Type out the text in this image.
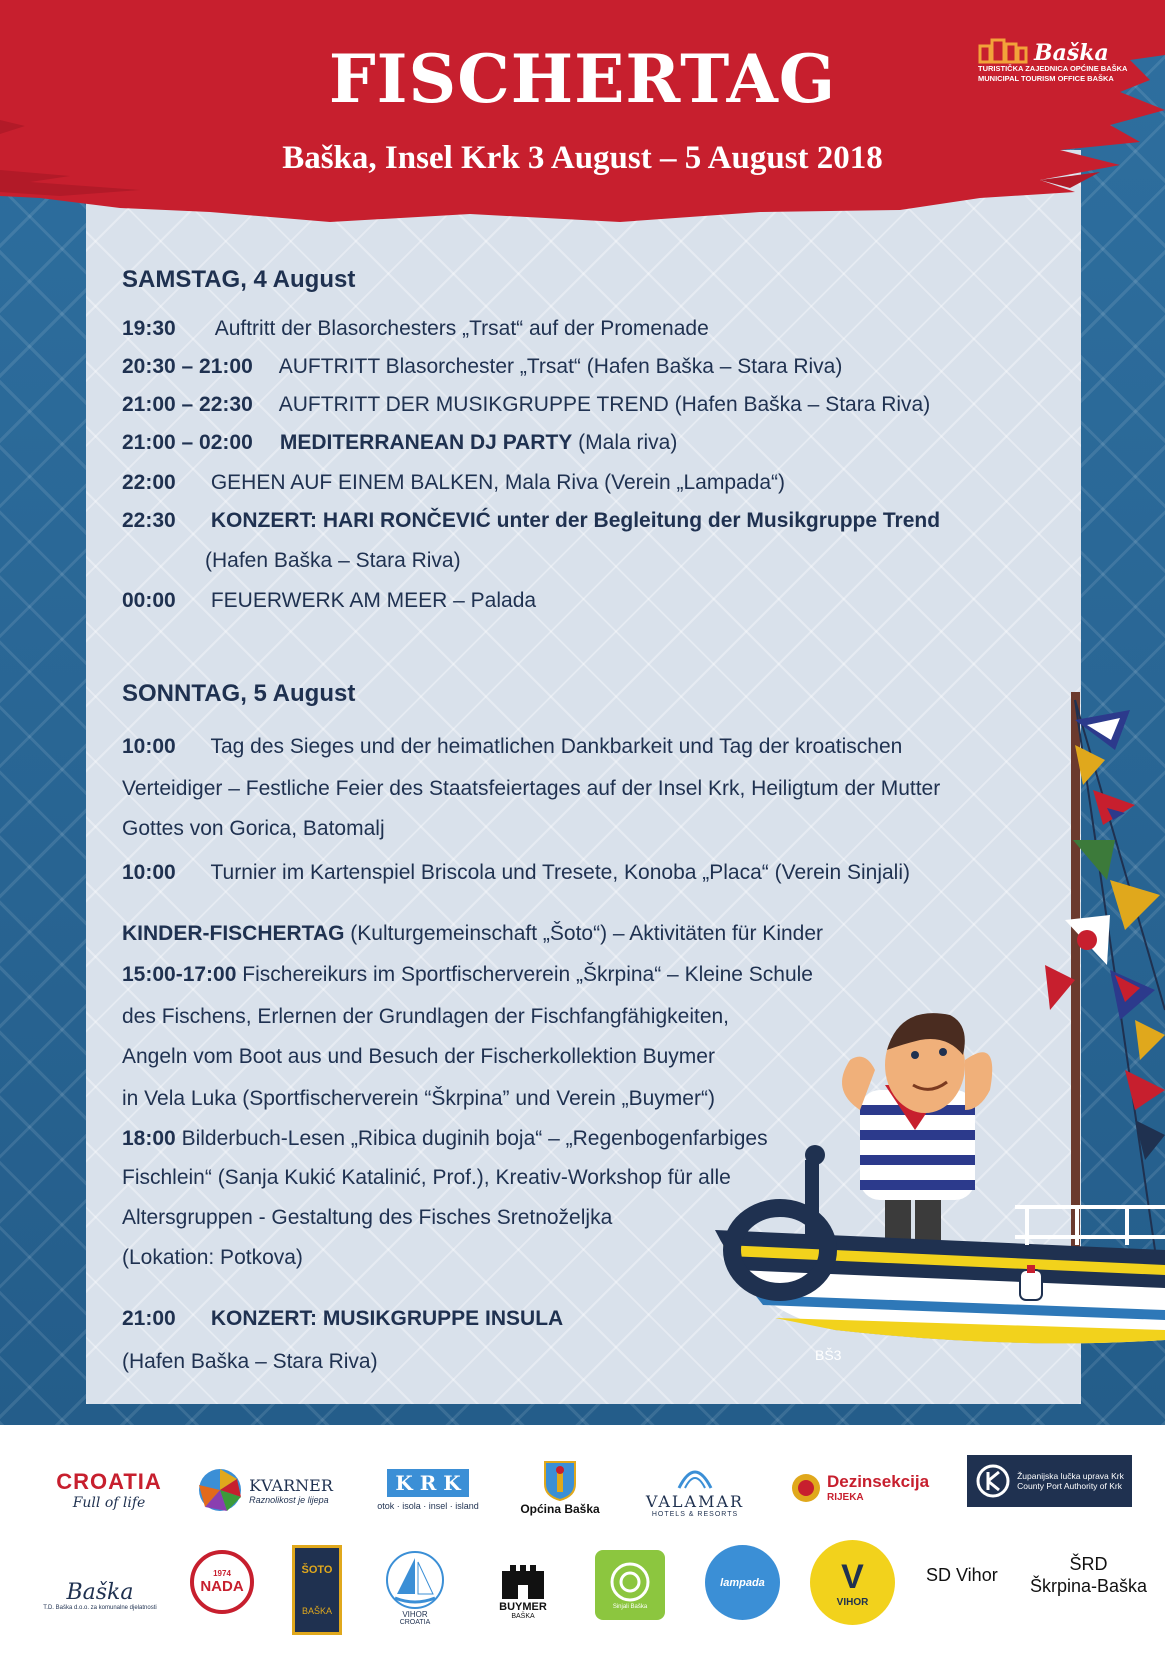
FISCHERTAG
Baška, Insel Krk 3 August – 5 August 2018
Baška
TURISTIČKA ZAJEDNICA OPĆINE BAŠKA
MUNICIPAL TOURISM OFFICE BAŠKA
SAMSTAG, 4 August
19:30 Auftritt der Blasorchesters „Trsat“ auf der Promenade
20:30 – 21:00 AUFTRITT Blasorchester „Trsat“ (Hafen Baška – Stara Riva)
21:00 – 22:30 AUFTRITT DER MUSIKGRUPPE TREND (Hafen Baška – Stara Riva)
21:00 – 02:00 MEDITERRANEAN DJ PARTY (Mala riva)
22:00 GEHEN AUF EINEM BALKEN, Mala Riva (Verein „Lampada“)
22:30 KONZERT: HARI RONČEVIĆ unter der Begleitung der Musikgruppe Trend
(Hafen Baška – Stara Riva)
00:00 FEUERWERK AM MEER – Palada
SONNTAG, 5 August
10:00 Tag des Sieges und der heimatlichen Dankbarkeit und Tag der kroatischen
Verteidiger – Festliche Feier des Staatsfeiertages auf der Insel Krk, Heiligtum der Mutter
Gottes von Gorica, Batomalj
10:00 Turnier im Kartenspiel Briscola und Tresete, Konoba „Placa“ (Verein Sinjali)
KINDER-FISCHERTAG (Kulturgemeinschaft „Šoto“) – Aktivitäten für Kinder
15:00-17:00 Fischereikurs im Sportfischerverein „Škrpina“ – Kleine Schule
des Fischens, Erlernen der Grundlagen der Fischfangfähigkeiten,
Angeln vom Boot aus und Besuch der Fischerkollektion Buymer
in Vela Luka (Sportfischerverein “Škrpina” und Verein „Buymer“)
18:00 Bilderbuch-Lesen „Ribica duginih boja“ – „Regenbogenfarbiges
Fischlein“ (Sanja Kukić Katalinić, Prof.), Kreativ-Workshop für alle
Altersgruppen - Gestaltung des Fisches Sretnoželjka
(Lokation: Potkova)
21:00 KONZERT: MUSIKGRUPPE INSULA
(Hafen Baška – Stara Riva)	BŠ3
CROATIA
Full of life
KVARNER
Raznolikost je lijepa
K R K
otok · isola · insel · island	Općina Baška	VALAMAR
HOTELS & RESORTS
Dezinsekcija
RIJEKA
Županijska lučka uprava Krk
County Port Authority of Krk
Baška
T.D. Baška d.o.o. za komunalne djelatnosti
1974
NADA
ŠOTO
BAŠKA	VIHOR
CROATIA
BUYMER
BAŠKA
Sinjali Baška
lampada V
VIHOR
SD Vihor
ŠRD
Škrpina-Baška
